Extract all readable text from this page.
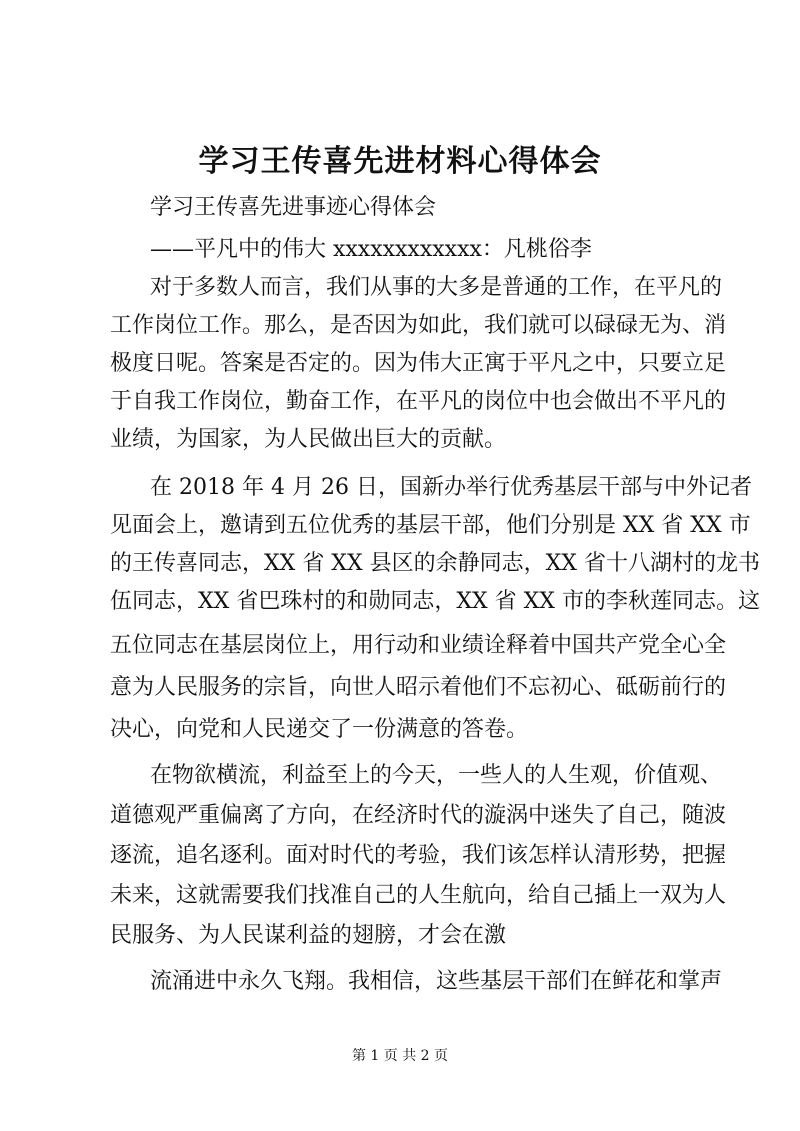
学习王传喜先进材料心得体会

学习王传喜先进事迹心得体会

——平凡中的伟大 xxxxxxxxxxxx：凡桃俗李

对于多数人而言，我们从事的大多是普通的工作，在平凡的

工作岗位工作。那么，是否因为如此，我们就可以碌碌无为、消

极度日呢。答案是否定的。因为伟大正寓于平凡之中，只要立足

于自我工作岗位，勤奋工作，在平凡的岗位中也会做出不平凡的

业绩，为国家，为人民做出巨大的贡献。

在 2018 年 4 月 26 日，国新办举行优秀基层干部与中外记者

见面会上，邀请到五位优秀的基层干部，他们分别是 XX 省 XX 市

的王传喜同志，XX 省 XX 县区的余静同志，XX 省十八湖村的龙书

伍同志，XX 省巴珠村的和勋同志，XX 省 XX 市的李秋莲同志。这

五位同志在基层岗位上，用行动和业绩诠释着中国共产党全心全

意为人民服务的宗旨，向世人昭示着他们不忘初心、砥砺前行的

决心，向党和人民递交了一份满意的答卷。

在物欲横流，利益至上的今天，一些人的人生观，价值观、

道德观严重偏离了方向，在经济时代的漩涡中迷失了自己，随波

逐流，追名逐利。面对时代的考验，我们该怎样认清形势，把握

未来，这就需要我们找准自己的人生航向，给自己插上一双为人

民服务、为人民谋利益的翅膀，才会在激

流涌进中永久飞翔。我相信，这些基层干部们在鲜花和掌声

第 1 页 共 2 页
